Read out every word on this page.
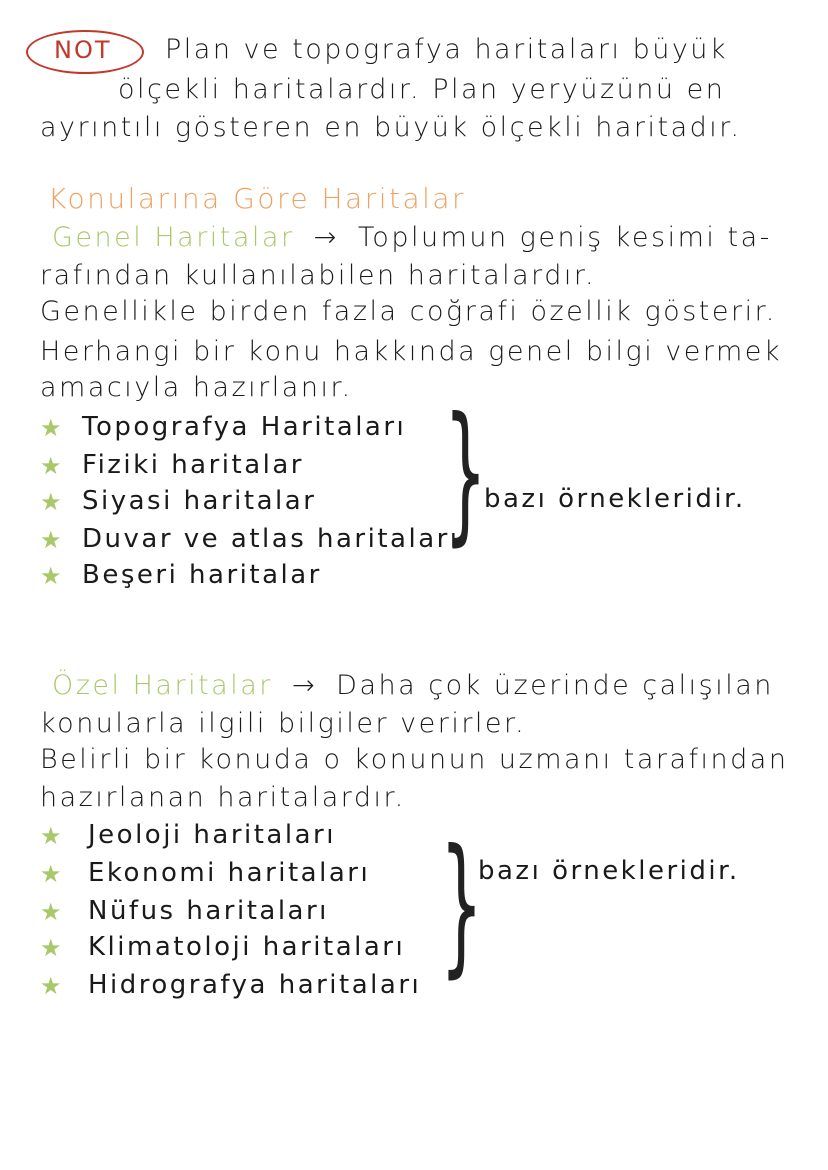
NOT Plan ve topografya haritaları büyük
ölçekli haritalardır. Plan yeryüzünü en
ayrıntılı gösteren en büyük ölçekli haritadır.
Konularına Göre Haritalar
Genel Haritalar → Toplumun geniş kesimi ta-
rafından kullanılabilen haritalardır.
Genellikle birden fazla coğrafi özellik gösterir.
Herhangi bir konu hakkında genel bilgi vermek
amacıyla hazırlanır.
★ Topografya Haritaları
★ Fiziki haritalar
★ Siyasi haritalar
★ Duvar ve atlas haritaları
★ Beşeri haritalar
}
bazı örnekleridir.
Özel Haritalar → Daha çok üzerinde çalışılan
konularla ilgili bilgiler verirler.
Belirli bir konuda o konunun uzmanı tarafından
hazırlanan haritalardır.
★ Jeoloji haritaları
★ Ekonomi haritaları
★ Nüfus haritaları
★ Klimatoloji haritaları
★ Hidrografya haritaları }
bazı örnekleridir.
